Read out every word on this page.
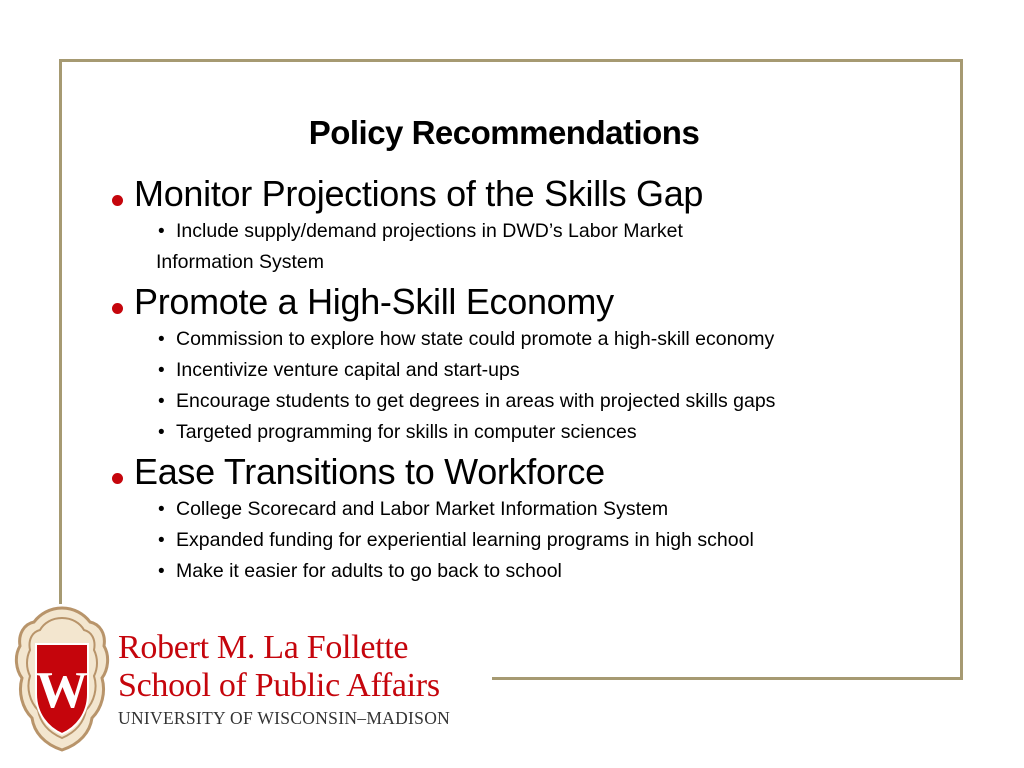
Policy Recommendations
Monitor Projections of the Skills Gap
• Include supply/demand projections in DWD’s Labor Market
Information System
Promote a High-Skill Economy
• Commission to explore how state could promote a high-skill economy
• Incentivize venture capital and start-ups
• Encourage students to get degrees in areas with projected skills gaps
• Targeted programming for skills in computer sciences
Ease Transitions to Workforce
• College Scorecard and Labor Market Information System
• Expanded funding for experiential learning programs in high school
• Make it easier for adults to go back to school
W
Robert M. La Follette
School of Public Affairs
UNIVERSITY OF WISCONSIN–MADISON
